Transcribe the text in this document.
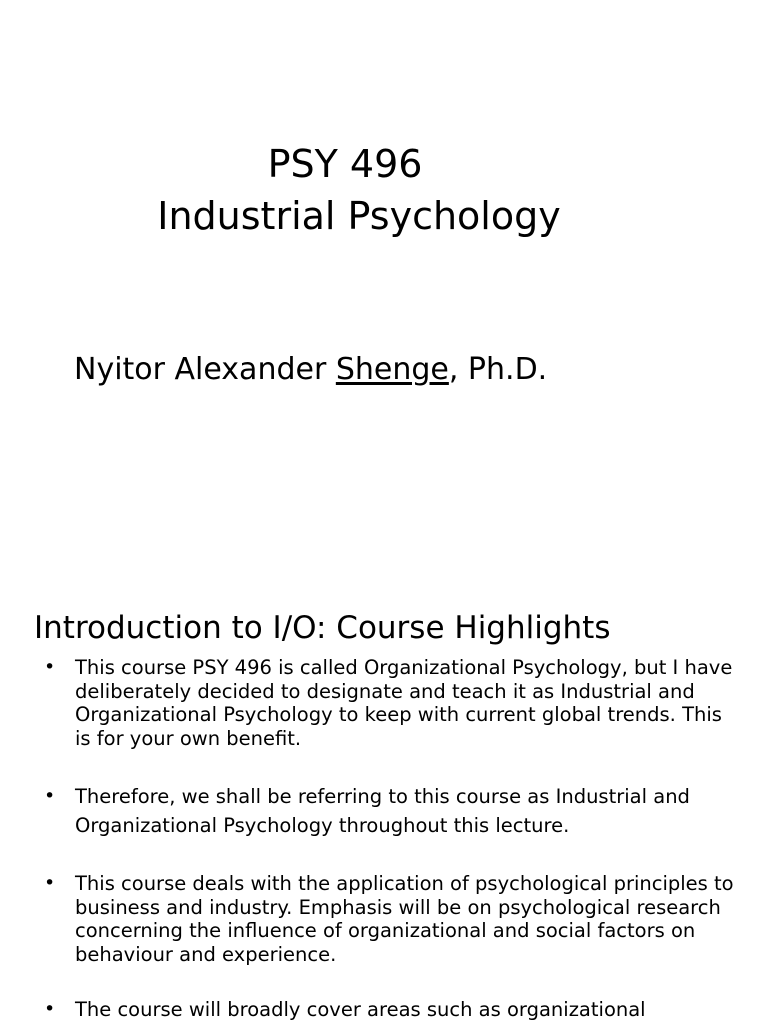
PSY 496
Industrial Psychology
Nyitor Alexander Shenge, Ph.D.
Introduction to I/O: Course Highlights
• This course PSY 496 is called Organizational Psychology, but I have deliberately decided to designate and teach it as Industrial and Organizational Psychology to keep with current global trends. This is for your own benefit.
• Therefore, we shall be referring to this course as Industrial and Organizational Psychology throughout this lecture.
• This course deals with the application of psychological principles to business and industry. Emphasis will be on psychological research concerning the influence of organizational and social factors on behaviour and experience.
• The course will broadly cover areas such as organizational
